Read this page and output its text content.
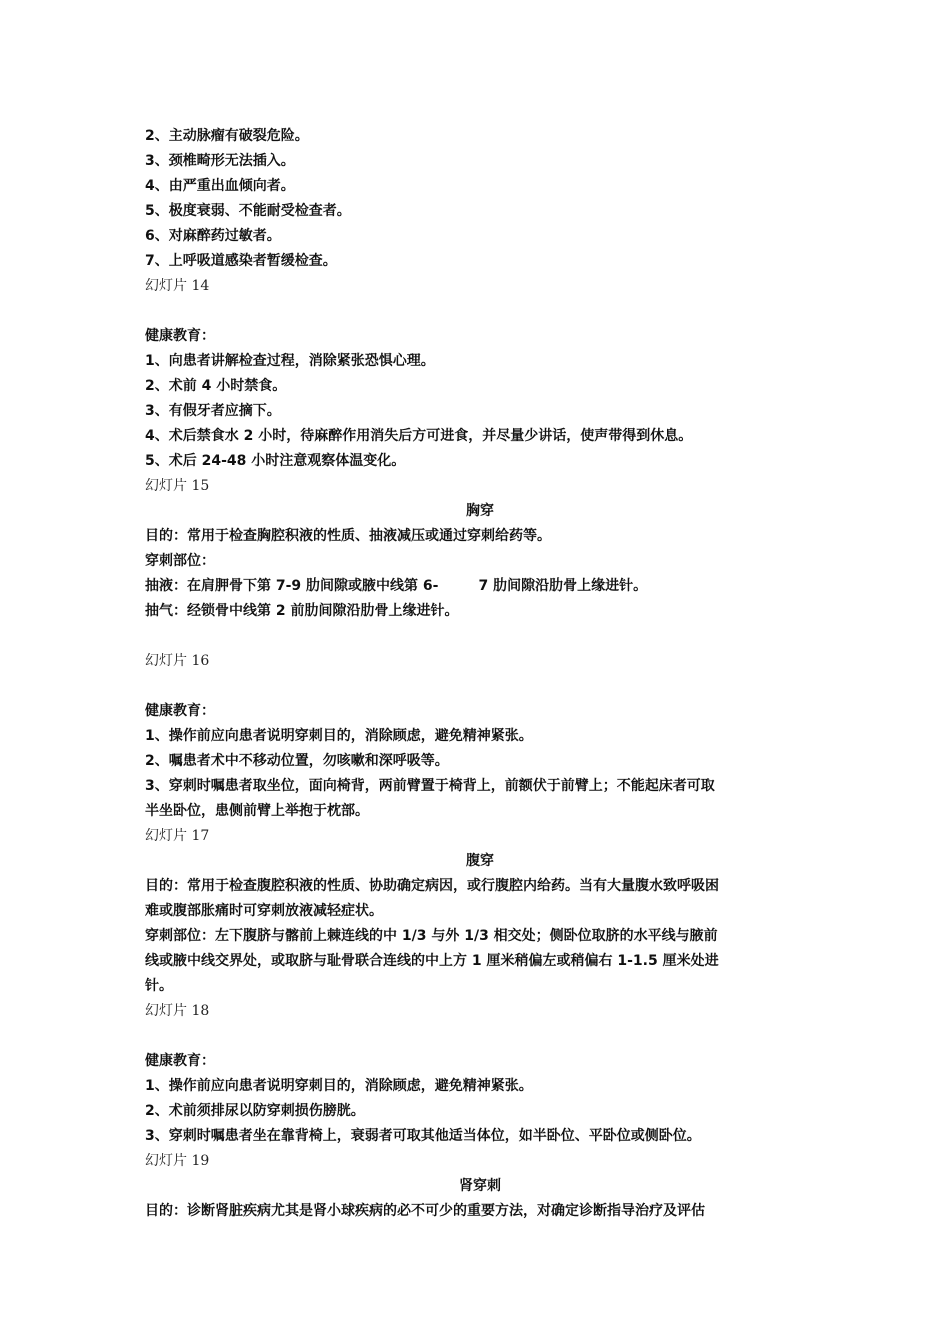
2、主动脉瘤有破裂危险。
3、颈椎畸形无法插入。
4、由严重出血倾向者。
5、极度衰弱、不能耐受检查者。
6、对麻醉药过敏者。
7、上呼吸道感染者暂缓检查。
幻灯片 14
健康教育：
1、向患者讲解检查过程，消除紧张恐惧心理。
2、术前 4 小时禁食。
3、有假牙者应摘下。
4、术后禁食水 2 小时，待麻醉作用消失后方可进食，并尽量少讲话，使声带得到休息。
5、术后 24-48 小时注意观察体温变化。
幻灯片 15
胸穿
目的：常用于检查胸腔积液的性质、抽液减压或通过穿刺给药等。
穿刺部位：
抽液：在肩胛骨下第 7-9 肋间隙或腋中线第 6-	7 肋间隙沿肋骨上缘进针。
抽气：经锁骨中线第 2 前肋间隙沿肋骨上缘进针。
幻灯片 16
健康教育：
1、操作前应向患者说明穿刺目的，消除顾虑，避免精神紧张。
2、嘱患者术中不移动位置，勿咳嗽和深呼吸等。
3、穿刺时嘱患者取坐位，面向椅背，两前臂置于椅背上，前额伏于前臂上；不能起床者可取
半坐卧位，患侧前臂上举抱于枕部。
幻灯片 17
腹穿
目的：常用于检查腹腔积液的性质、协助确定病因，或行腹腔内给药。当有大量腹水致呼吸困
难或腹部胀痛时可穿刺放液减轻症状。
穿刺部位：左下腹脐与髂前上棘连线的中 1/3 与外 1/3 相交处；侧卧位取脐的水平线与腋前
线或腋中线交界处，或取脐与耻骨联合连线的中上方 1 厘米稍偏左或稍偏右 1-1.5 厘米处进
针。
幻灯片 18
健康教育：
1、操作前应向患者说明穿刺目的，消除顾虑，避免精神紧张。
2、术前须排尿以防穿刺损伤膀胱。
3、穿刺时嘱患者坐在靠背椅上，衰弱者可取其他适当体位，如半卧位、平卧位或侧卧位。
幻灯片 19
肾穿刺
目的：诊断肾脏疾病尤其是肾小球疾病的必不可少的重要方法，对确定诊断指导治疗及评估
